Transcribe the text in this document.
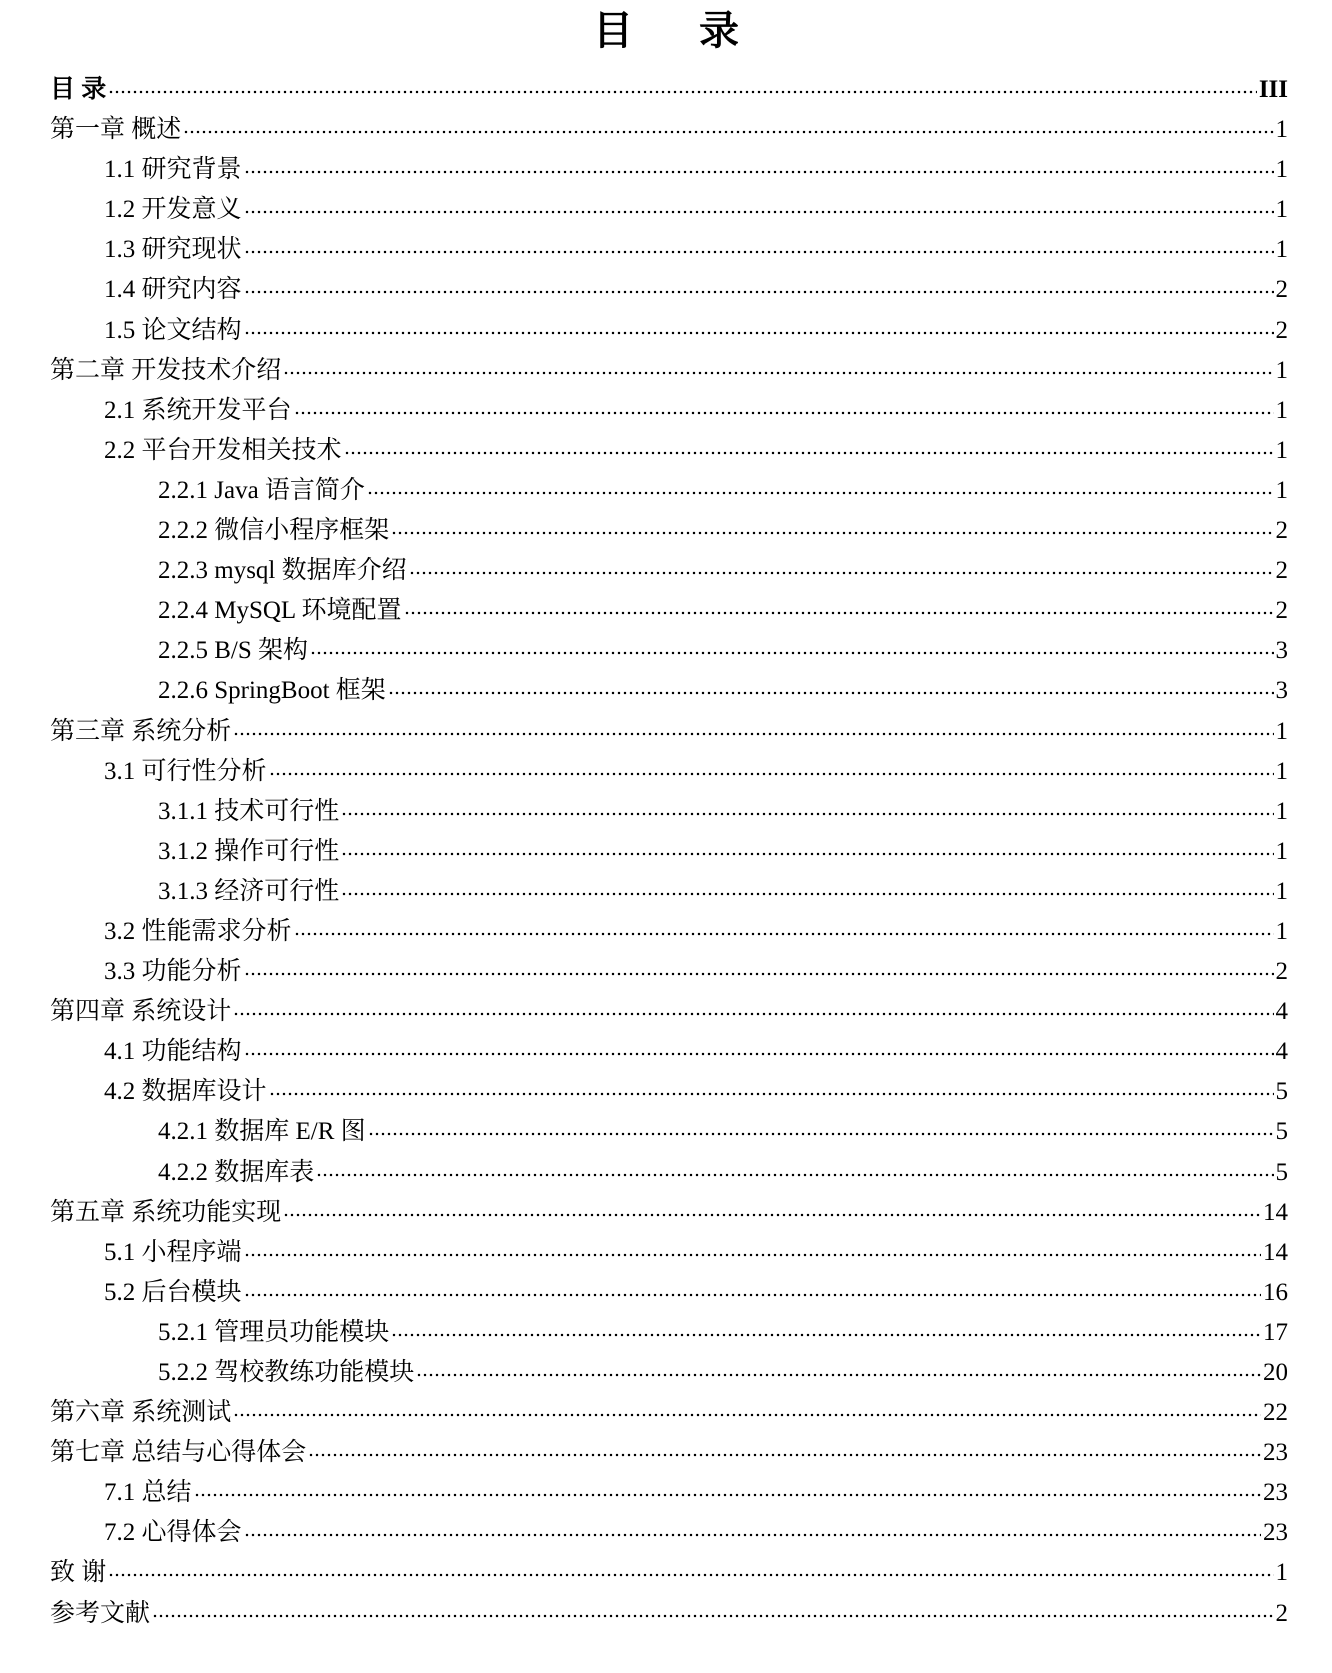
目 录
目 录	III
第一章 概述	1
1.1 研究背景	1
1.2 开发意义	1
1.3 研究现状	1
1.4 研究内容	2
1.5 论文结构	2
第二章 开发技术介绍	1
2.1 系统开发平台	1
2.2 平台开发相关技术	1
2.2.1 Java 语言简介	1
2.2.2 微信小程序框架	2
2.2.3 mysql 数据库介绍	2
2.2.4 MySQL 环境配置	2
2.2.5 B/S 架构	3
2.2.6 SpringBoot 框架	3
第三章 系统分析	1
3.1 可行性分析	1
3.1.1 技术可行性	1
3.1.2 操作可行性	1
3.1.3 经济可行性	1
3.2 性能需求分析	1
3.3 功能分析	2
第四章 系统设计	4
4.1 功能结构	4
4.2 数据库设计	5
4.2.1 数据库 E/R 图	5
4.2.2 数据库表	5
第五章 系统功能实现	14
5.1 小程序端	14
5.2 后台模块	16
5.2.1 管理员功能模块	17
5.2.2 驾校教练功能模块	20
第六章 系统测试	22
第七章 总结与心得体会	23
7.1 总结	23
7.2 心得体会	23
致 谢	1
参考文献	2
